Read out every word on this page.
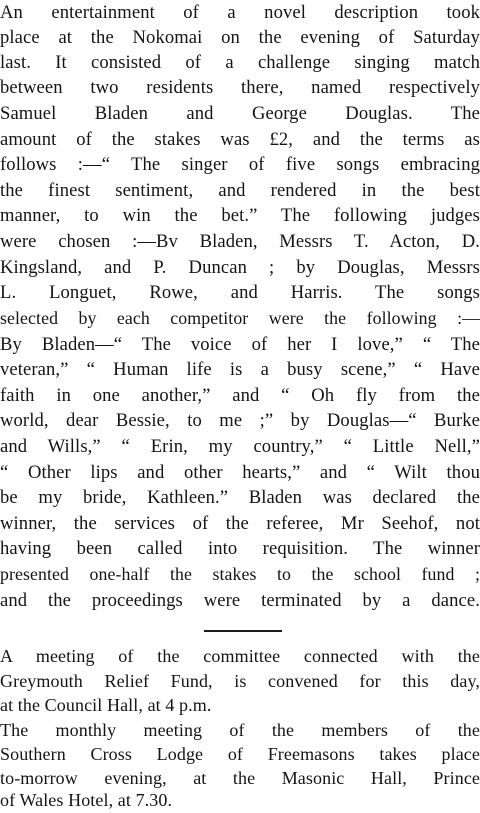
An entertainment of a novel description took
place at the Nokomai on the evening of Saturday
last. It consisted of a challenge singing match
between two residents there, named respectively
Samuel Bladen and George Douglas. The
amount of the stakes was £2, and the terms as
follows :—“ The singer of five songs embracing
the finest sentiment, and rendered in the best
manner, to win the bet.” The following judges
were chosen :—Bv Bladen, Messrs T. Acton, D.
Kingsland, and P. Duncan ; by Douglas, Messrs
L. Longuet, Rowe, and Harris. The songs
selected by each competitor were the following :—
By Bladen—“ The voice of her I love,” “ The
veteran,” “ Human life is a busy scene,” “ Have
faith in one another,” and “ Oh fly from the
world, dear Bessie, to me ;” by Douglas—“ Burke
and Wills,” “ Erin, my country,” “ Little Nell,”
“ Other lips and other hearts,” and “ Wilt thou
be my bride, Kathleen.” Bladen was declared the
winner, the services of the referee, Mr Seehof, not
having been called into requisition. The winner
presented one-half the stakes to the school fund ;
and the proceedings were terminated by a dance.
A meeting of the committee connected with the
Greymouth Relief Fund, is convened for this day,
at the Council Hall, at 4 p.m.
The monthly meeting of the members of the
Southern Cross Lodge of Freemasons takes place
to-morrow evening, at the Masonic Hall, Prince
of Wales Hotel, at 7.30.
